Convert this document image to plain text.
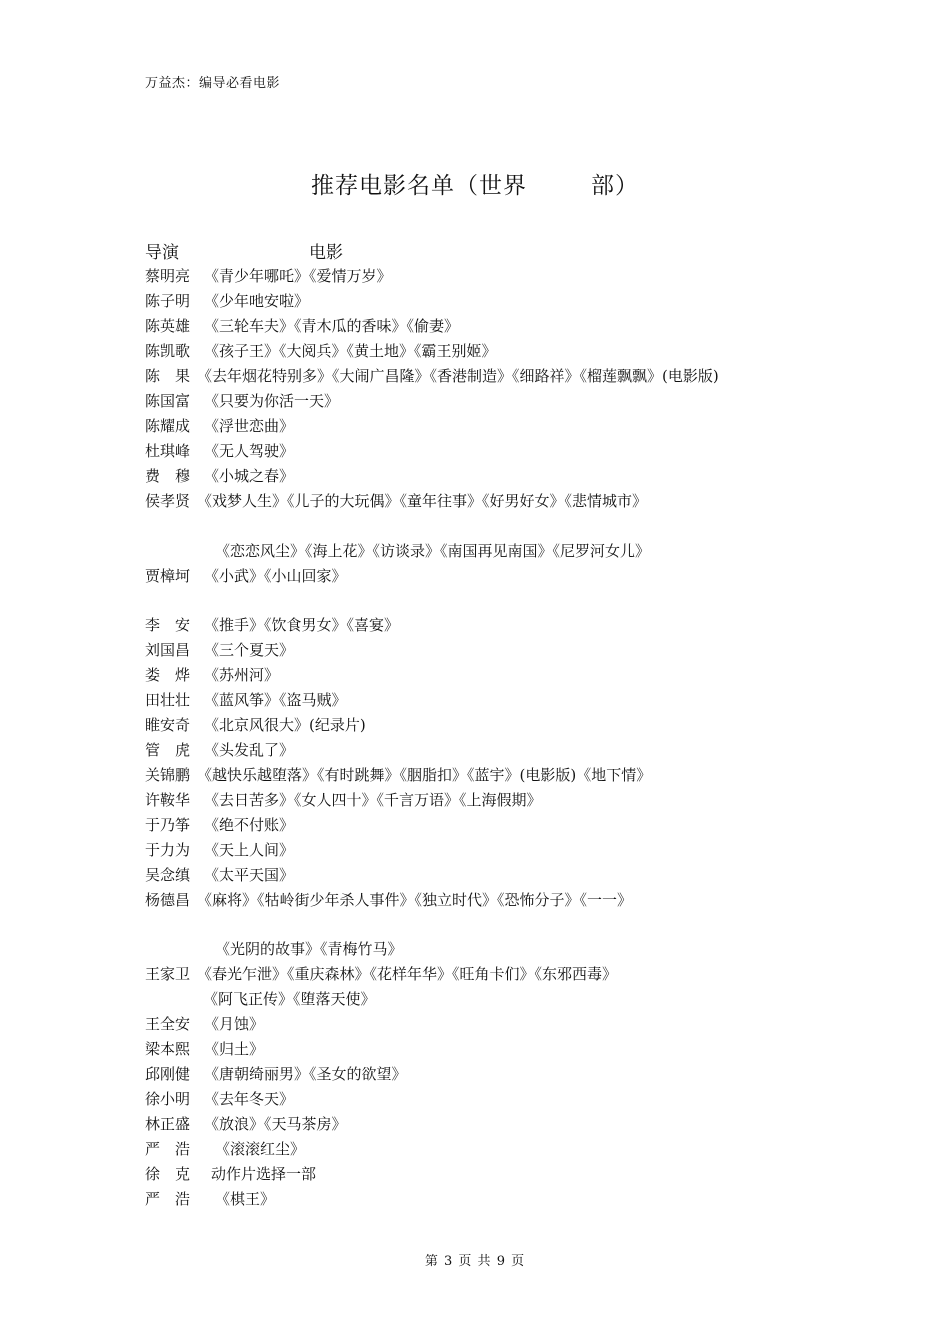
万益杰：编导必看电影
推荐电影名单（世界	部）
导演	电影
蔡明亮 《青少年哪吒》《爱情万岁》
陈子明 《少年吔安啦》
陈英雄 《三轮车夫》《青木瓜的香味》《偷妻》
陈凯歌 《孩子王》《大阅兵》《黄土地》《霸王别姬》
陈　果 《去年烟花特别多》《大闹广昌隆》《香港制造》《细路祥》《榴莲飘飘》(电影版)
陈国富 《只要为你活一天》
陈耀成 《浮世恋曲》
杜琪峰 《无人驾驶》
费　穆 《小城之春》
侯孝贤 《戏梦人生》《儿子的大玩偶》《童年往事》《好男好女》《悲情城市》
《恋恋风尘》《海上花》《访谈录》《南国再见南国》《尼罗河女儿》
贾樟坷 《小武》《小山回家》
李　安 《推手》《饮食男女》《喜宴》
刘国昌 《三个夏天》
娄　烨 《苏州河》
田壮壮 《蓝风筝》《盗马贼》
睢安奇 《北京风很大》(纪录片)
管　虎 《头发乱了》
关锦鹏 《越快乐越堕落》《有时跳舞》《胭脂扣》《蓝宇》(电影版)《地下情》
许鞍华 《去日苦多》《女人四十》《千言万语》《上海假期》
于乃筝 《绝不付账》
于力为 《天上人间》
吴念缜 《太平天国》
杨德昌 《麻将》《牯岭街少年杀人事件》《独立时代》《恐怖分子》《一一》
《光阴的故事》《青梅竹马》
王家卫 《春光乍泄》《重庆森林》《花样年华》《旺角卡们》《东邪西毒》
《阿飞正传》《堕落天使》
王全安 《月蚀》
梁本熙 《归土》
邱刚健 《唐朝绮丽男》《圣女的欲望》
徐小明 《去年冬天》
林正盛 《放浪》《天马茶房》
严　浩 《滚滚红尘》
徐　克 动作片选择一部
严　浩 《棋王》
第 3 页 共 9 页
